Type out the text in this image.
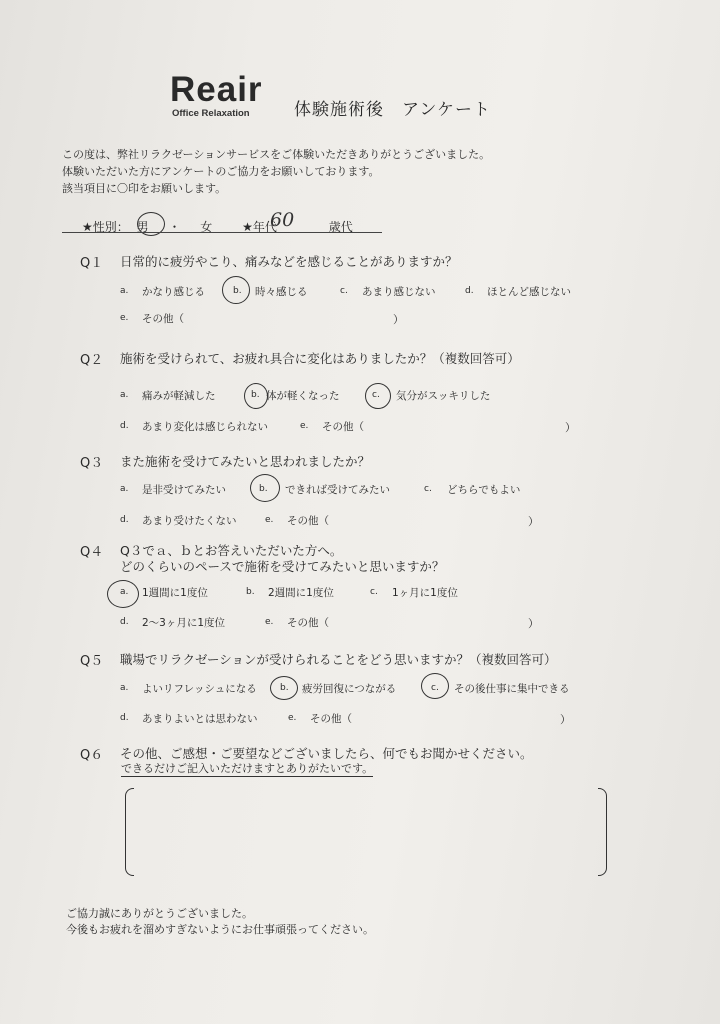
Reair
Office Relaxation	体験施術後　アンケート
この度は、弊社リラクゼーションサービスをご体験いただきありがとうございました。
体験いただいた方にアンケートのご協力をお願いしております。
該当項目に〇印をお願いします。
★性別： 男 ・ 女 ★年代	歳代
60
Q１ 日常的に疲労やこり、痛みなどを感じることがありますか？
a. かなり感じる	b. 時々感じる	c. あまり感じない	d. ほとんど感じない
e. その他（	）
Q２ 施術を受けられて、お疲れ具合に変化はありましたか？（複数回答可）
a. 痛みが軽減した	b. 体が軽くなった	c. 気分がスッキリした
d. あまり変化は感じられない	e. その他（	）
Q３ また施術を受けてみたいと思われましたか？
a. 是非受けてみたい	b. できれば受けてみたい	c. どちらでもよい
d. あまり受けたくない	e. その他（	）
Q４ Q３でａ、ｂとお答えいただいた方へ。
どのくらいのペースで施術を受けてみたいと思いますか？
a. 1週間に1度位	b. 2週間に1度位	c. 1ヶ月に1度位
d. 2～3ヶ月に1度位	e. その他（	）
Q５ 職場でリラクゼーションが受けられることをどう思いますか？（複数回答可）
a. よいリフレッシュになる	b. 疲労回復につながる	c. その後仕事に集中できる
d. あまりよいとは思わない	e. その他（	）
Q６ その他、ご感想・ご要望などございましたら、何でもお聞かせください。
できるだけご記入いただけますとありがたいです。
ご協力誠にありがとうございました。
今後もお疲れを溜めすぎないようにお仕事頑張ってください。
